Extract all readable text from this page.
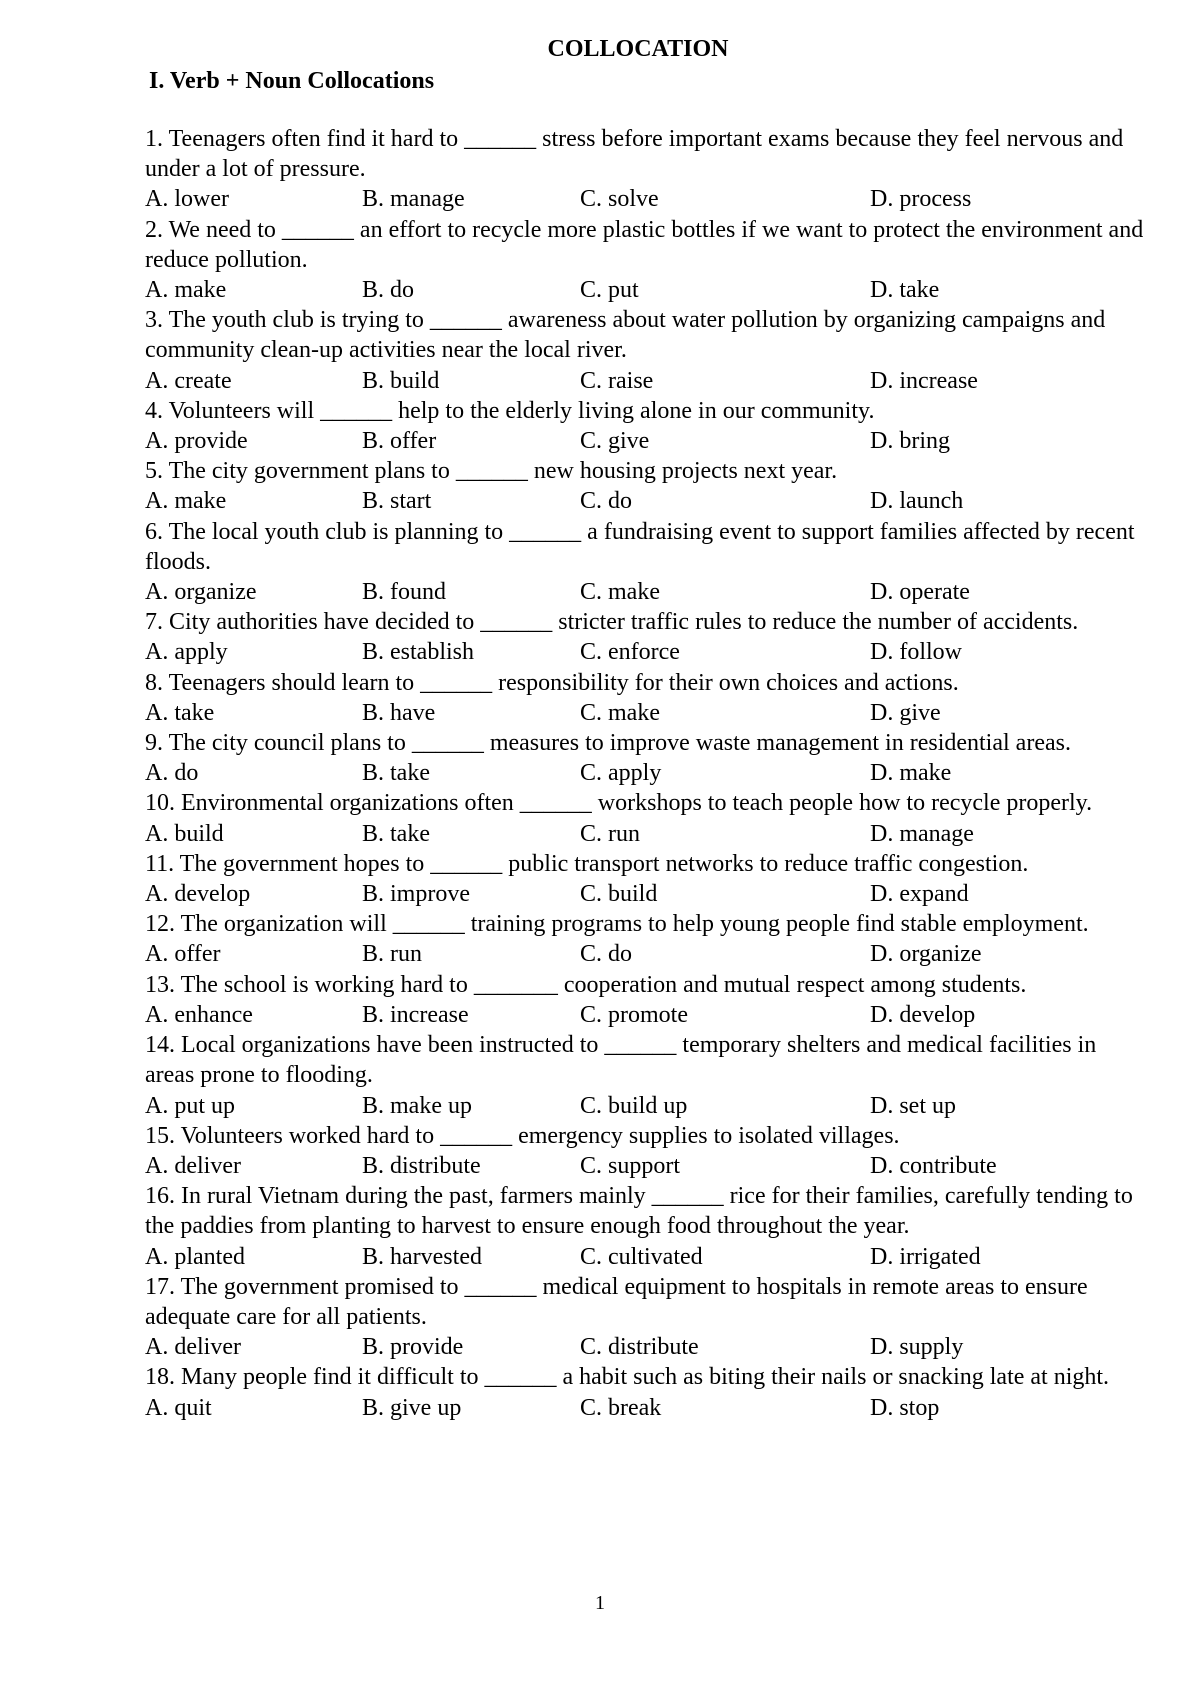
COLLOCATION
I. Verb + Noun Collocations
1. Teenagers often find it hard to ______ stress before important exams because they feel nervous and under a lot of pressure.
A. lower	B. manage	C. solve	D. process
2. We need to ______ an effort to recycle more plastic bottles if we want to protect the environment and reduce pollution.
A. make	B. do	C. put	D. take
3. The youth club is trying to ______ awareness about water pollution by organizing campaigns and community clean-up activities near the local river.
A. create	B. build	C. raise	D. increase
4. Volunteers will ______ help to the elderly living alone in our community.
A. provide	B. offer	C. give	D. bring
5. The city government plans to ______ new housing projects next year.
A. make	B. start	C. do	D. launch
6. The local youth club is planning to ______ a fundraising event to support families affected by recent floods.
A. organize	B. found	C. make	D. operate
7. City authorities have decided to ______ stricter traffic rules to reduce the number of accidents.
A. apply	B. establish	C. enforce	D. follow
8. Teenagers should learn to ______ responsibility for their own choices and actions.
A. take	B. have	C. make	D. give
9. The city council plans to ______ measures to improve waste management in residential areas.
A. do	B. take	C. apply	D. make
10. Environmental organizations often ______ workshops to teach people how to recycle properly.
A. build	B. take	C. run	D. manage
11. The government hopes to ______ public transport networks to reduce traffic congestion.
A. develop	B. improve	C. build	D. expand
12. The organization will ______ training programs to help young people find stable employment.
A. offer	B. run	C. do	D. organize
13. The school is working hard to _______ cooperation and mutual respect among students.
A. enhance	B. increase	C. promote	D. develop
14. Local organizations have been instructed to ______ temporary shelters and medical facilities in areas prone to flooding.
A. put up	B. make up	C. build up	D. set up
15. Volunteers worked hard to ______ emergency supplies to isolated villages.
A. deliver	B. distribute	C. support	D. contribute
16. In rural Vietnam during the past, farmers mainly ______ rice for their families, carefully tending to the paddies from planting to harvest to ensure enough food throughout the year.
A. planted	B. harvested	C. cultivated	D. irrigated
17. The government promised to ______ medical equipment to hospitals in remote areas to ensure adequate care for all patients.
A. deliver	B. provide	C. distribute	D. supply
18. Many people find it difficult to ______ a habit such as biting their nails or snacking late at night.
A. quit	B. give up	C. break	D. stop
1
